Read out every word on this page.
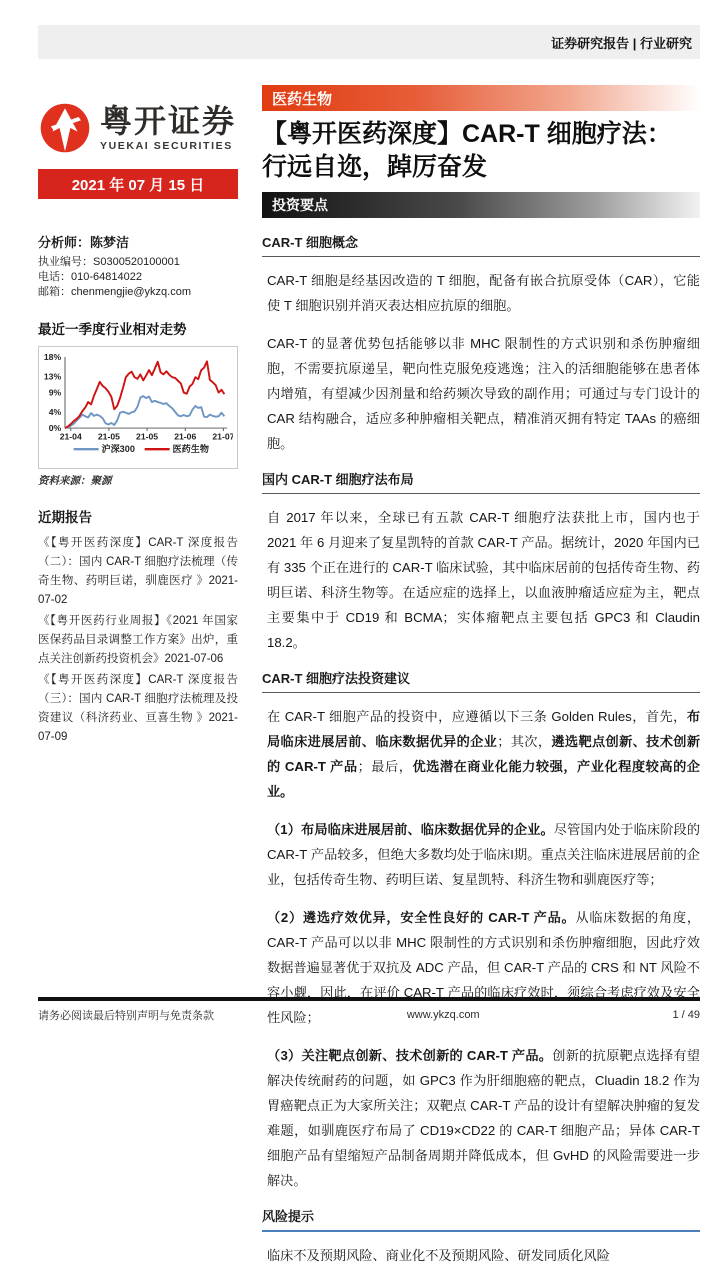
证券研究报告 | 行业研究
粤开证券
YUEKAI SECURITIES
2021 年 07 月 15 日
医药生物
【粤开医药深度】CAR-T 细胞疗法：
行远自迩，踔厉奋发
投资要点
分析师：陈梦洁
执业编号：S0300520100001
电话：010-64814022
邮箱：chenmengjie@ykzq.com
最近一季度行业相对走势
0%
4%
9%
13%
18%
21-04 21-05 21-05 21-06 21-07
沪深300	医药生物
资料来源：聚源
近期报告

《【粤开医药深度】CAR-T 深度报告（二）：国内 CAR-T 细胞疗法梳理（传奇生物、药明巨诺，驯鹿医疗 》2021-07-02

《【粤开医药行业周报】《2021 年国家医保药品目录调整工作方案》出炉，重点关注创新药投资机会》2021-07-06

《【粤开医药深度】CAR-T 深度报告（三）：国内 CAR-T 细胞疗法梳理及投资建议（科济药业、亘喜生物 》2021-07-09

CAR-T 细胞概念

CAR-T 细胞是经基因改造的 T 细胞，配备有嵌合抗原受体（CAR），它能使 T 细胞识别并消灭表达相应抗原的细胞。

CAR-T 的显著优势包括能够以非 MHC 限制性的方式识别和杀伤肿瘤细胞，不需要抗原递呈，靶向性克服免疫逃逸；注入的活细胞能够在患者体内增殖，有望减少因剂量和给药频次导致的副作用；可通过与专门设计的 CAR 结构融合，适应多种肿瘤相关靶点，精准消灭拥有特定 TAAs 的癌细胞。

国内 CAR-T 细胞疗法布局

自 2017 年以来，全球已有五款 CAR-T 细胞疗法获批上市，国内也于 2021 年 6 月迎来了复星凯特的首款 CAR-T 产品。据统计，2020 年国内已有 335 个正在进行的 CAR-T 临床试验，其中临床居前的包括传奇生物、药明巨诺、科济生物等。在适应症的选择上，以血液肿瘤适应症为主，靶点主要集中于 CD19 和 BCMA；实体瘤靶点主要包括 GPC3 和 Claudin 18.2。

CAR-T 细胞疗法投资建议

在 CAR-T 细胞产品的投资中，应遵循以下三条 Golden Rules，首先，布局临床进展居前、临床数据优异的企业；其次，遴选靶点创新、技术创新的 CAR-T 产品；最后，优选潜在商业化能力较强，产业化程度较高的企业。

（1）布局临床进展居前、临床数据优异的企业。尽管国内处于临床阶段的 CAR-T 产品较多，但绝大多数均处于临床I期。重点关注临床进展居前的企业，包括传奇生物、药明巨诺、复星凯特、科济生物和驯鹿医疗等；

（2）遴选疗效优异，安全性良好的 CAR-T 产品。从临床数据的角度，CAR-T 产品可以以非 MHC 限制性的方式识别和杀伤肿瘤细胞，因此疗效数据普遍显著优于双抗及 ADC 产品，但 CAR-T 产品的 CRS 和 NT 风险不容小觑，因此，在评价 CAR-T 产品的临床疗效时，须综合考虑疗效及安全性风险；

（3）关注靶点创新、技术创新的 CAR-T 产品。创新的抗原靶点选择有望解决传统耐药的问题，如 GPC3 作为肝细胞癌的靶点，Cluadin 18.2 作为胃癌靶点正为大家所关注；双靶点 CAR-T 产品的设计有望解决肿瘤的复发难题，如驯鹿医疗布局了 CD19×CD22 的 CAR-T 细胞产品；异体 CAR-T 细胞产品有望缩短产品制备周期并降低成本，但 GvHD 的风险需要进一步解决。

风险提示

临床不及预期风险、商业化不及预期风险、研发同质化风险

请务必阅读最后特别声明与免责条款	www.ykzq.com	1 / 49
